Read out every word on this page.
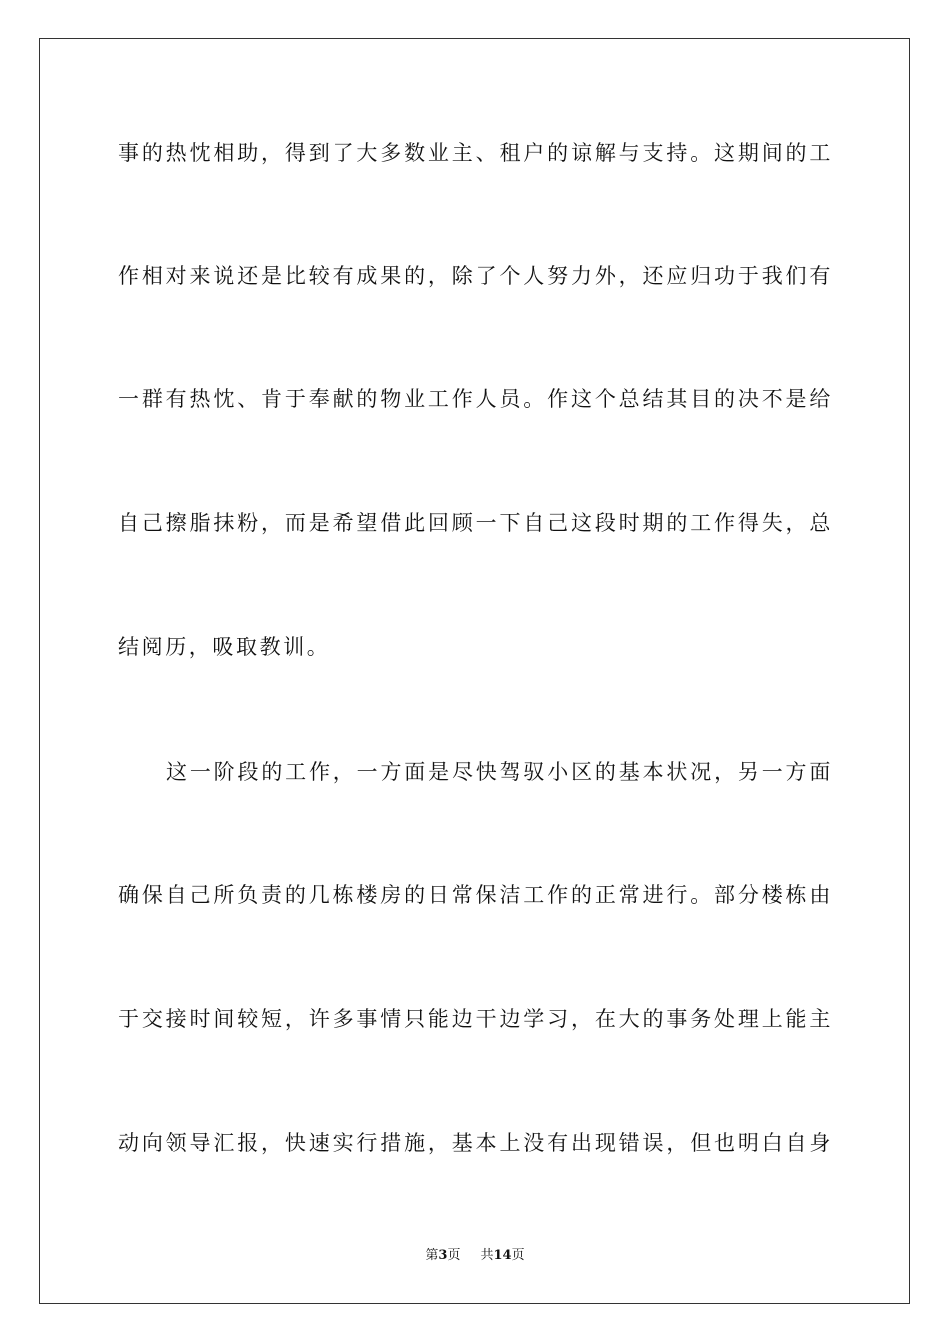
事的热忱相助，得到了大多数业主、租户的谅解与支持。这期间的工
作相对来说还是比较有成果的，除了个人努力外，还应归功于我们有
一群有热忱、肯于奉献的物业工作人员。作这个总结其目的决不是给
自己擦脂抹粉，而是希望借此回顾一下自己这段时期的工作得失，总
结阅历，吸取教训。
这一阶段的工作，一方面是尽快驾驭小区的基本状况，另一方面
确保自己所负责的几栋楼房的日常保洁工作的正常进行。部分楼栋由
于交接时间较短，许多事情只能边干边学习，在大的事务处理上能主
动向领导汇报，快速实行措施，基本上没有出现错误，但也明白自身
第3页 共14页
